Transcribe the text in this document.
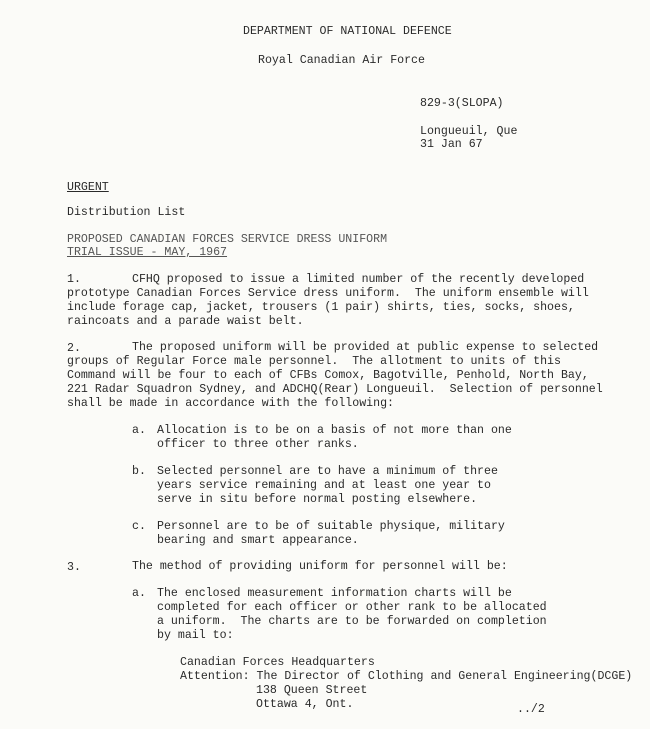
DEPARTMENT OF NATIONAL DEFENCE
Royal Canadian Air Force
829-3(SLOPA)
Longueuil, Que
31 Jan 67
URGENT
Distribution List
PROPOSED CANADIAN FORCES SERVICE DRESS UNIFORM
TRIAL ISSUE - MAY, 1967
1.	CFHQ proposed to issue a limited number of the recently developed
prototype Canadian Forces Service dress uniform.  The uniform ensemble will
include forage cap, jacket, trousers (1 pair) shirts, ties, socks, shoes,
raincoats and a parade waist belt.
2.	The proposed uniform will be provided at public expense to selected
groups of Regular Force male personnel.  The allotment to units of this
Command will be four to each of CFBs Comox, Bagotville, Penhold, North Bay,
221 Radar Squadron Sydney, and ADCHQ(Rear) Longueuil.  Selection of personnel
shall be made in accordance with the following:
a. Allocation is to be on a basis of not more than one
officer to three other ranks.
b. Selected personnel are to have a minimum of three
years service remaining and at least one year to
serve in situ before normal posting elsewhere.
c. Personnel are to be of suitable physique, military
bearing and smart appearance.
3.	The method of providing uniform for personnel will be:
a. The enclosed measurement information charts will be
completed for each officer or other rank to be allocated
a uniform.  The charts are to be forwarded on completion
by mail to:
Canadian Forces Headquarters
Attention: The Director of Clothing and General Engineering(DCGE)
138 Queen Street
Ottawa 4, Ont.	../2
